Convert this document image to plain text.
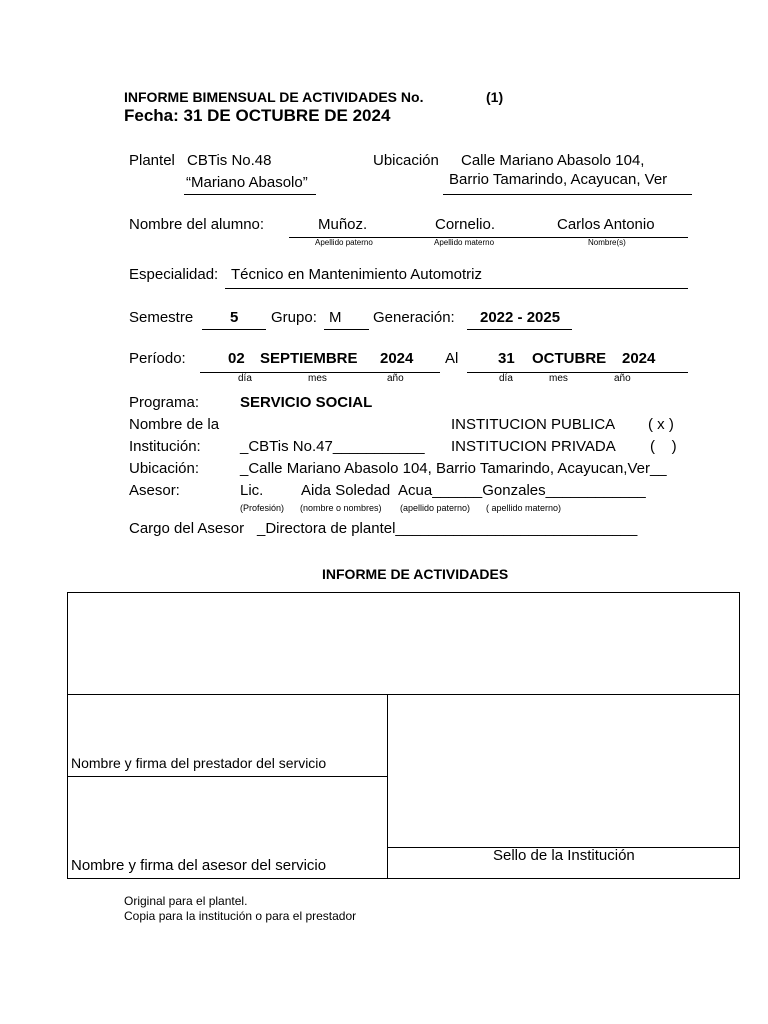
INFORME BIMENSUAL DE ACTIVIDADES No.	(1)
Fecha: 31 DE OCTUBRE DE 2024
Plantel CBTis No.48
“Mariano Abasolo”
Ubicación Calle Mariano Abasolo 104,
Barrio Tamarindo, Acayucan, Ver
Nombre del alumno:	Muñoz.	Cornelio.	Carlos Antonio
Apellido paterno	Apellido materno	Nombre(s)
Especialidad: Técnico en Mantenimiento Automotriz
Semestre 5 Grupo: M Generación: 2022 - 2025
Período:	02 SEPTIEMBRE 2024 Al	31 OCTUBRE 2024
día	mes	año	día	mes	año
Programa:	SERVICIO SOCIAL
Nombre de la	INSTITUCION PUBLICA ( x )
Institución:	_CBTis No.47___________ INSTITUCION PRIVADA (    )
Ubicación:	_Calle Mariano Abasolo 104, Barrio Tamarindo, Acayucan,Ver__
Asesor:	Lic.	Aida Soledad Acua______Gonzales____________
(Profesión) (nombre o nombres) (apellido paterno) ( apellido materno)
Cargo del Asesor _Directora de plantel_____________________________
INFORME DE ACTIVIDADES
Nombre y firma del prestador del servicio
Nombre y firma del asesor del servicio
Sello de la Institución
Original para el plantel.
Copia para la institución o para el prestador
